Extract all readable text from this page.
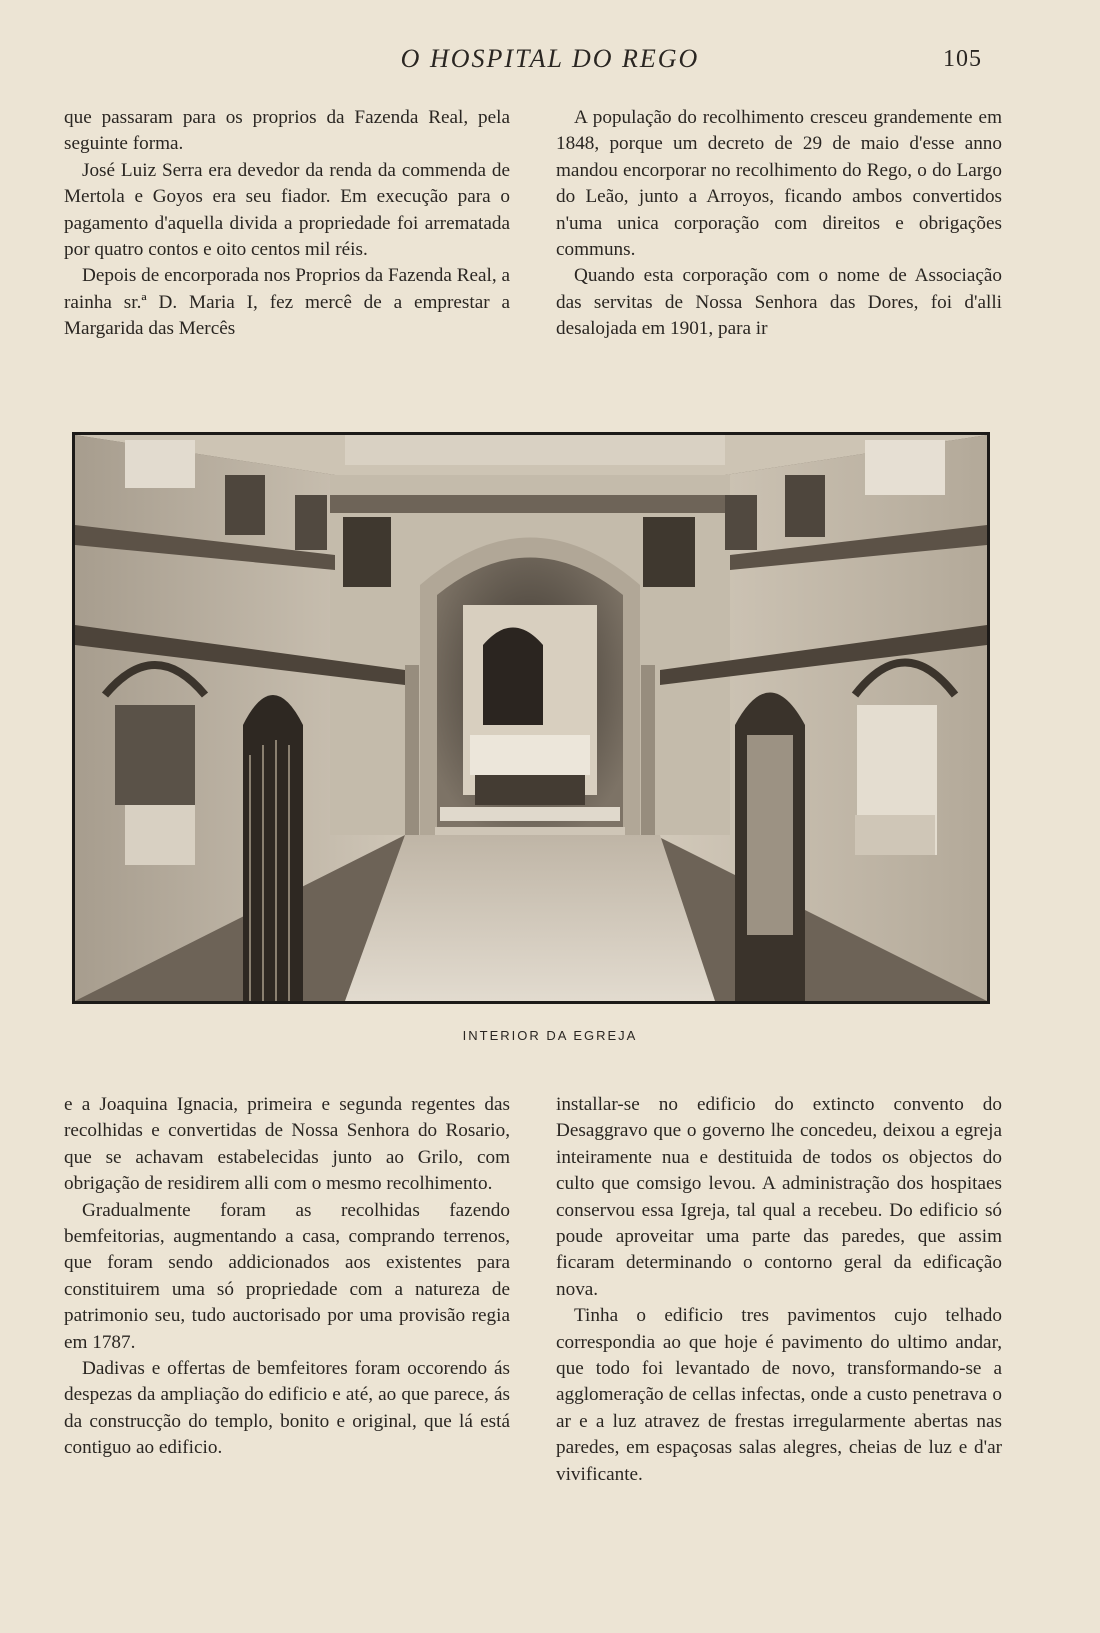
O HOSPITAL DO REGO	105

que passaram para os proprios da Fazenda Real, pela seguinte forma.

José Luiz Serra era devedor da renda da commenda de Mertola e Goyos era seu fiador. Em execução para o pagamento d'aquella divida a propriedade foi arrematada por quatro contos e oito centos mil réis.

Depois de encorporada nos Proprios da Fazenda Real, a rainha sr.ª D. Maria I, fez mercê de a emprestar a Margarida das Mercês

A população do recolhimento cresceu grandemente em 1848, porque um decreto de 29 de maio d'esse anno mandou encorporar no recolhimento do Rego, o do Largo do Leão, junto a Arroyos, ficando ambos convertidos n'uma unica corporação com direitos e obrigações communs.

Quando esta corporação com o nome de Associação das servitas de Nossa Senhora das Dores, foi d'alli desalojada em 1901, para ir

INTERIOR DA EGREJA

e a Joaquina Ignacia, primeira e segunda regentes das recolhidas e convertidas de Nossa Senhora do Rosario, que se achavam estabelecidas junto ao Grilo, com obrigação de residirem alli com o mesmo recolhimento.

Gradualmente foram as recolhidas fazendo bemfeitorias, augmentando a casa, comprando terrenos, que foram sendo addicionados aos existentes para constituirem uma só propriedade com a natureza de patrimonio seu, tudo auctorisado por uma provisão regia em 1787.

Dadivas e offertas de bemfeitores foram occorendo ás despezas da ampliação do edificio e até, ao que parece, ás da construcção do templo, bonito e original, que lá está contiguo ao edificio.

installar-se no edificio do extincto convento do Desaggravo que o governo lhe concedeu, deixou a egreja inteiramente nua e destituida de todos os objectos do culto que comsigo levou. A administração dos hospitaes conservou essa Igreja, tal qual a recebeu. Do edificio só poude aproveitar uma parte das paredes, que assim ficaram determinando o contorno geral da edificação nova.

Tinha o edificio tres pavimentos cujo telhado correspondia ao que hoje é pavimento do ultimo andar, que todo foi levantado de novo, transformando-se a agglomeração de cellas infectas, onde a custo penetrava o ar e a luz atravez de frestas irregularmente abertas nas paredes, em espaçosas salas alegres, cheias de luz e d'ar vivificante.
